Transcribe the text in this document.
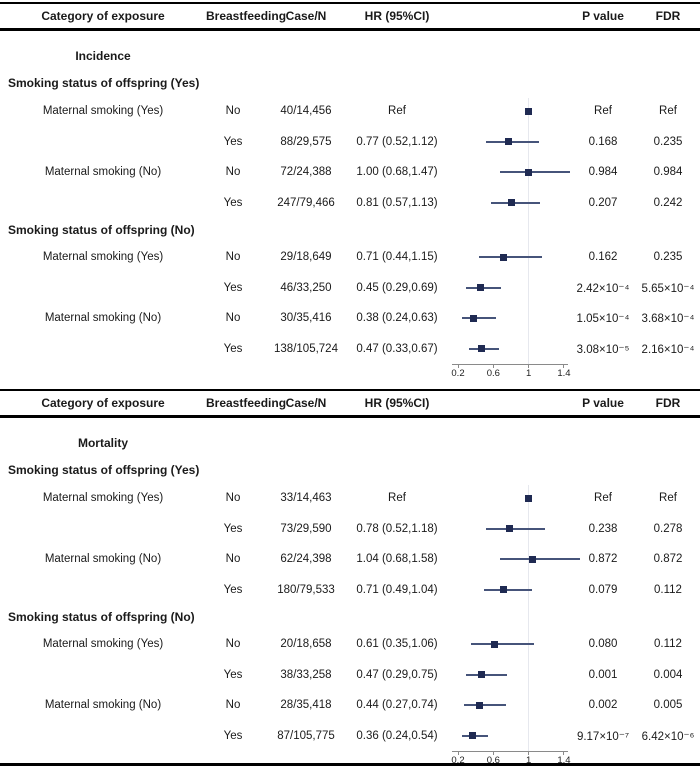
Category of exposure	Breastfeeding Case/N	HR (95%CI)	P value	FDR
Incidence
Smoking status of offspring (Yes)
Maternal smoking (Yes)	No	40/14,456	Ref	Ref	Ref
Yes	88/29,575	0.77 (0.52,1.12)	0.168	0.235
Maternal smoking (No)	No	72/24,388	1.00 (0.68,1.47)	0.984	0.984
Yes	247/79,466	0.81 (0.57,1.13)	0.207	0.242
Smoking status of offspring (No)
Maternal smoking (Yes)	No	29/18,649	0.71 (0.44,1.15)	0.162	0.235
Yes	46/33,250	0.45 (0.29,0.69)	2.42×10⁻⁴	5.65×10⁻⁴
Maternal smoking (No)	No	30/35,416	0.38 (0.24,0.63)	1.05×10⁻⁴	3.68×10⁻⁴
Yes	138/105,724	0.47 (0.33,0.67)	3.08×10⁻⁵	2.16×10⁻⁴
0.2 0.6	1	1.4
Category of exposure	Breastfeeding Case/N	HR (95%CI)	P value	FDR
Mortality
Smoking status of offspring (Yes)
Maternal smoking (Yes)	No	33/14,463	Ref	Ref	Ref
Yes	73/29,590	0.78 (0.52,1.18)	0.238	0.278
Maternal smoking (No)	No	62/24,398	1.04 (0.68,1.58)	0.872	0.872
Yes	180/79,533	0.71 (0.49,1.04)	0.079	0.112
Smoking status of offspring (No)
Maternal smoking (Yes)	No	20/18,658	0.61 (0.35,1.06)	0.080	0.112
Yes	38/33,258	0.47 (0.29,0.75)	0.001	0.004
Maternal smoking (No)	No	28/35,418	0.44 (0.27,0.74)	0.002	0.005
Yes	87/105,775	0.36 (0.24,0.54)	9.17×10⁻⁷	6.42×10⁻⁶
0.2 0.6	1	1.4
